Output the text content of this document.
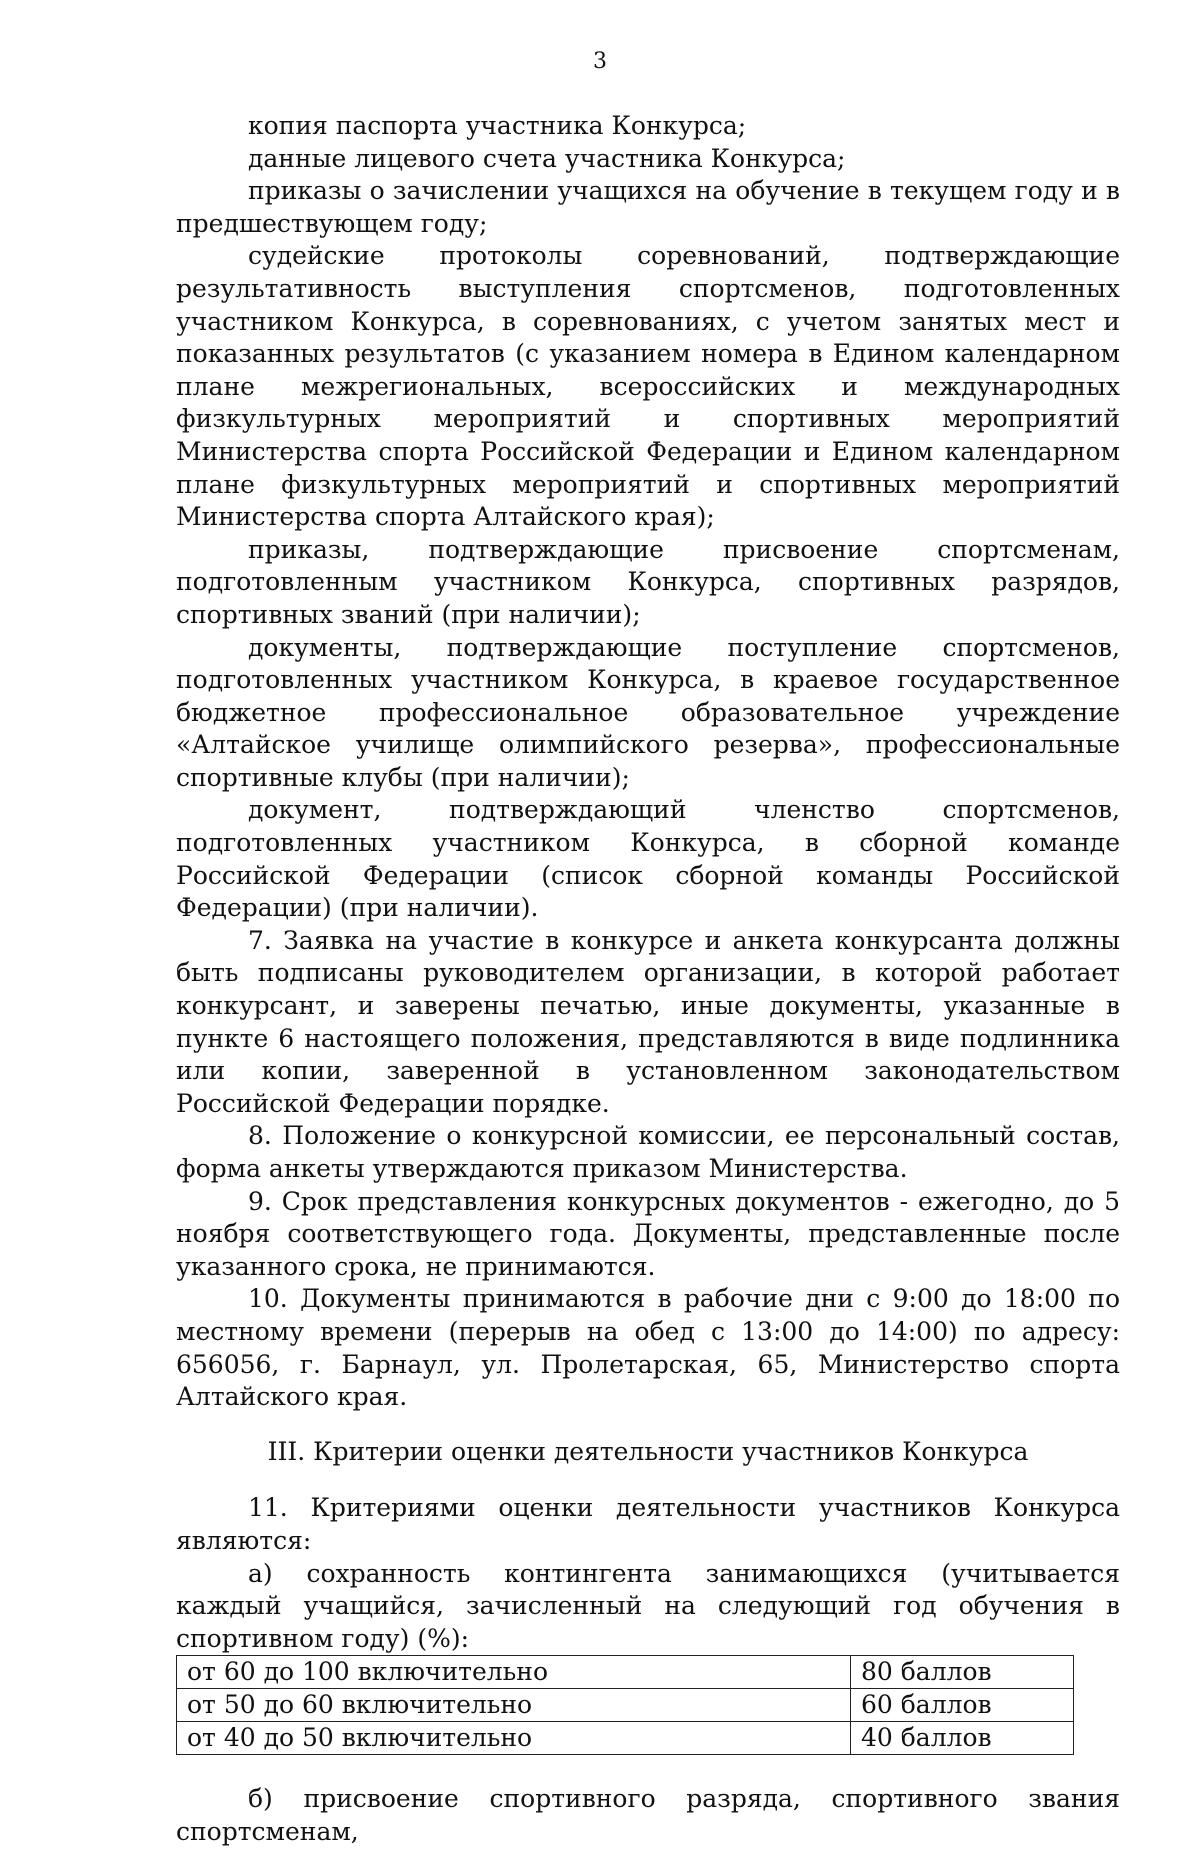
3

копия паспорта участника Конкурса;

данные лицевого счета участника Конкурса;

приказы о зачислении учащихся на обучение в текущем году и в предшествующем году;

судейские протоколы соревнований, подтверждающие результативность выступления спортсменов, подготовленных участником Конкурса, в соревнованиях, с учетом занятых мест и показанных результатов (с указанием номера в Едином календарном плане межрегиональных, всероссийских и международных физкультурных мероприятий и спортивных мероприятий Министерства спорта Российской Федерации и Едином календарном плане физкультурных мероприятий и спортивных мероприятий Министерства спорта Алтайского края);

приказы, подтверждающие присвоение спортсменам, подготовленным участником Конкурса, спортивных разрядов, спортивных званий (при наличии);

документы, подтверждающие поступление спортсменов, подготовленных участником Конкурса, в краевое государственное бюджетное профессиональное образовательное учреждение «Алтайское училище олимпийского резерва», профессиональные спортивные клубы (при наличии);

документ, подтверждающий членство спортсменов, подготовленных участником Конкурса, в сборной команде Российской Федерации (список сборной команды Российской Федерации) (при наличии).

7. Заявка на участие в конкурсе и анкета конкурсанта должны быть подписаны руководителем организации, в которой работает конкурсант, и заверены печатью, иные документы, указанные в пункте 6 настоящего положения, представляются в виде подлинника или копии, заверенной в установленном законодательством Российской Федерации порядке.

8. Положение о конкурсной комиссии, ее персональный состав, форма анкеты утверждаются приказом Министерства.

9. Срок представления конкурсных документов - ежегодно, до 5 ноября соответствующего года. Документы, представленные после указанного срока, не принимаются.

10. Документы принимаются в рабочие дни с 9:00 до 18:00 по местному времени (перерыв на обед с 13:00 до 14:00) по адресу: 656056, г. Барнаул, ул. Пролетарская, 65, Министерство спорта Алтайского края.

III. Критерии оценки деятельности участников Конкурса

11. Критериями оценки деятельности участников Конкурса являются:

а) сохранность контингента занимающихся (учитывается каждый учащийся, зачисленный на следующий год обучения в спортивном году) (%):

от 60 до 100 включительно	80 баллов
от 50 до 60 включительно	60 баллов
от 40 до 50 включительно	40 баллов

б) присвоение спортивного разряда, спортивного звания спортсменам,
